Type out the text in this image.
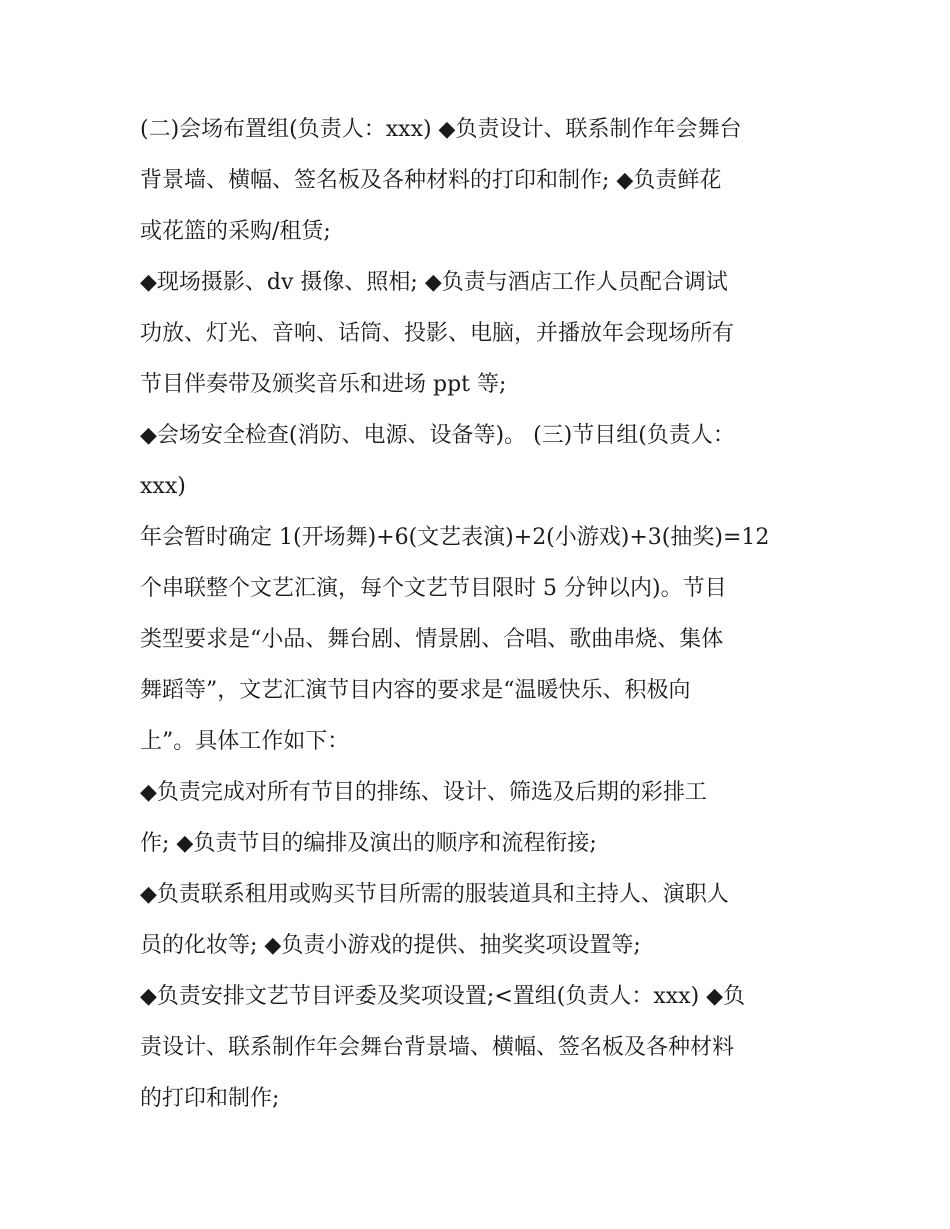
(二)会场布置组(负责人：xxx) ◆负责设计、联系制作年会舞台
背景墙、横幅、签名板及各种材料的打印和制作; ◆负责鲜花
或花篮的采购/租赁;
◆现场摄影、dv 摄像、照相; ◆负责与酒店工作人员配合调试
功放、灯光、音响、话筒、投影、电脑，并播放年会现场所有
节目伴奏带及颁奖音乐和进场 ppt 等;
◆会场安全检查(消防、电源、设备等)。 (三)节目组(负责人：
xxx)
年会暂时确定 1(开场舞)+6(文艺表演)+2(小游戏)+3(抽奖)=12
个串联整个文艺汇演，每个文艺节目限时 5 分钟以内)。节目
类型要求是“小品、舞台剧、情景剧、合唱、歌曲串烧、集体
舞蹈等”，文艺汇演节目内容的要求是“温暖快乐、积极向
上”。具体工作如下：
◆负责完成对所有节目的排练、设计、筛选及后期的彩排工
作; ◆负责节目的编排及演出的顺序和流程衔接;
◆负责联系租用或购买节目所需的服装道具和主持人、演职人
员的化妆等; ◆负责小游戏的提供、抽奖奖项设置等;
◆负责安排文艺节目评委及奖项设置;<置组(负责人：xxx) ◆负
责设计、联系制作年会舞台背景墙、横幅、签名板及各种材料
的打印和制作;
